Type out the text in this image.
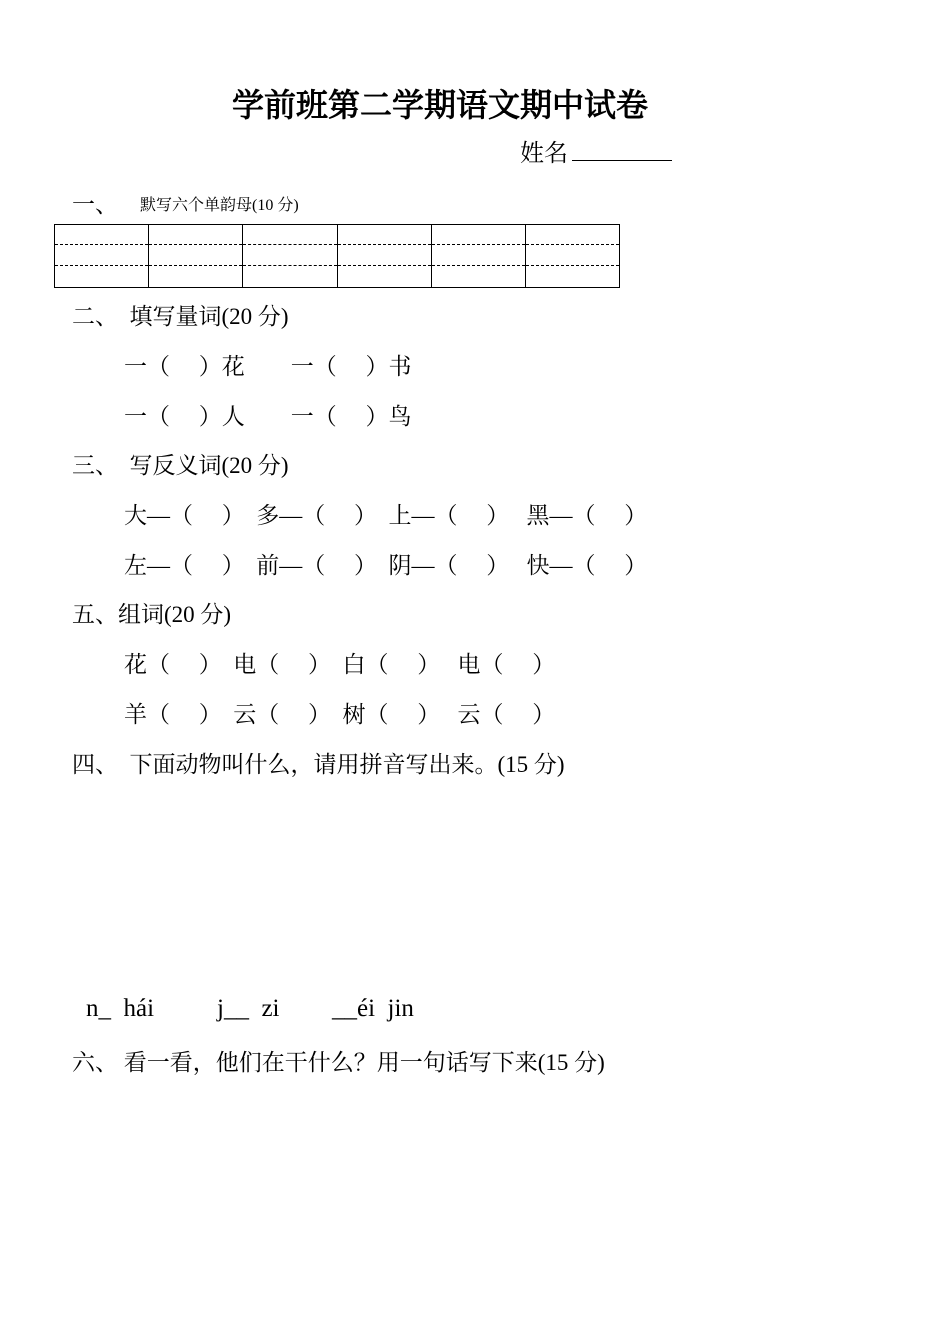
学前班第二学期语文期中试卷
姓名
一、 默写六个单韵母(10 分)
二、　填写量词(20 分)
一（　 ）花　　一（　 ）书
一（　 ）人　　一（　 ）鸟
三、　写反义词(20 分)
大—（　 ）  多—（　 ）  上—（　 ）   黑—（　 ）
左—（　 ）  前—（　 ）  阴—（　 ）   快—（　 ）
五、组词(20 分)
花（　 ）  电（　 ）  白（　 ）   电（　 ）
羊（　 ）  云（　 ）  树（　 ）   云（　 ）
四、　下面动物叫什么，请用拼音写出来。(15 分)
n_  hái	j__  zi __éi  jin
六、 看一看，他们在干什么？用一句话写下来(15 分)
